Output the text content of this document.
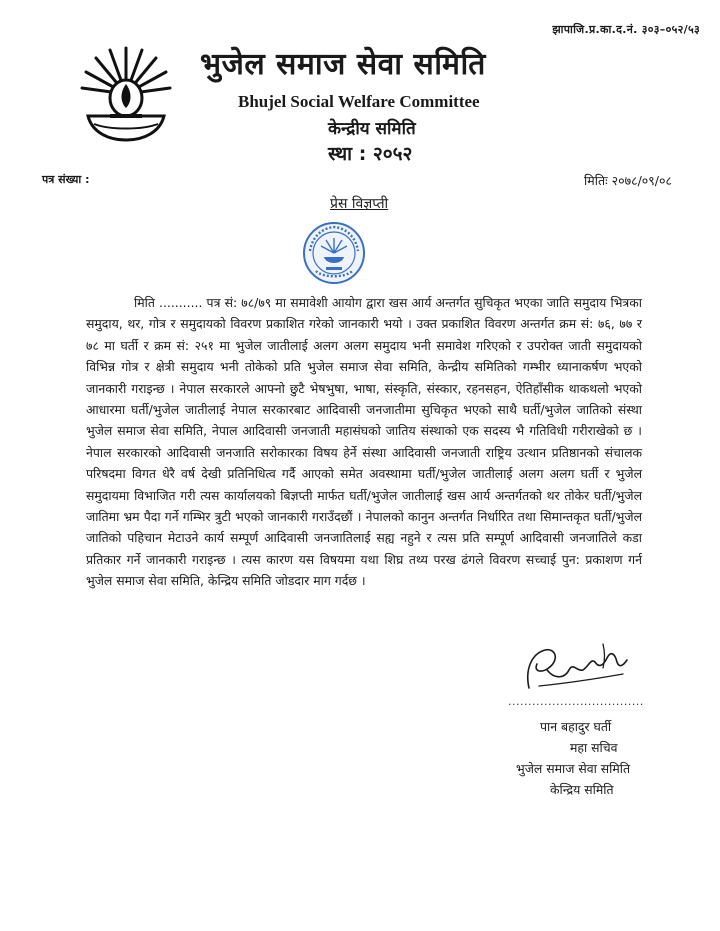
झापाजि.प्र.का.द.नं. ३०३–०५२/५३
भुजेल समाज सेवा समिति
Bhujel Social Welfare Committee
केन्द्रीय समिति
स्था : २०५२
पत्र संख्या :	मितिः २०७८/०९/०८
प्रेस विज्ञप्ती

मिति ........... पत्र सं: ७८/७९ मा समावेशी आयोग द्वारा खस आर्य अन्तर्गत सुचिकृत भएका जाति समुदाय भित्रका समुदाय, थर, गोत्र र समुदायको विवरण प्रकाशित गरेको जानकारी भयो । उक्त प्रकाशित विवरण अन्तर्गत क्रम सं: ७६, ७७ र ७८ मा घर्ती र क्रम सं: २५१ मा भुजेल जातीलाई अलग अलग समुदाय भनी समावेश गरिएको र उपरोक्त जाती समुदायको विभिन्न गोत्र र क्षेत्री समुदाय भनी तोकेको प्रति भुजेल समाज सेवा समिति, केन्द्रीय समितिको गम्भीर ध्यानाकर्षण भएको जानकारी गराइन्छ । नेपाल सरकारले आफ्नो छुटै भेषभुषा, भाषा, संस्कृति, संस्कार, रहनसहन, ऐतिहाँसीक थाकथलो भएको आधारमा घर्ती/भुजेल जातीलाई नेपाल सरकारबाट आदिवासी जनजातीमा सुचिकृत भएको साथै घर्ती/भुजेल जातिको संस्था भुजेल समाज सेवा समिति, नेपाल आदिवासी जनजाती महासंघको जातिय संस्थाको एक सदस्य भै गतिविधी गरीराखेको छ । नेपाल सरकारको आदिवासी जनजाति सरोकारका विषय हेर्ने संस्था आदिवासी जनजाती राष्ट्रिय उत्थान प्रतिष्ठानको संचालक परिषदमा विगत धेरै वर्ष देखी प्रतिनिधित्व गर्दै आएको समेत अवस्थामा घर्ती/भुजेल जातीलाई अलग अलग घर्ती र भुजेल समुदायमा विभाजित गरी त्यस कार्यालयको बिज्ञप्ती मार्फत घर्ती/भुजेल जातीलाई खस आर्य अन्तर्गतको थर तोकेर घर्ती/भुजेल जातिमा भ्रम पैदा गर्ने गम्भिर त्रुटी भएको जानकारी गराउँदछौं । नेपालको कानुन अन्तर्गत निर्धारित तथा सिमान्तकृत घर्ती/भुजेल जातिको पहिचान मेटाउने कार्य सम्पूर्ण आदिवासी जनजातिलाई सह्य नहुने र त्यस प्रति सम्पूर्ण आदिवासी जनजातिले कडा प्रतिकार गर्ने जानकारी गराइन्छ । त्यस कारण यस विषयमा यथा शिघ्र तथ्य परख ढंगले विवरण सच्चाई पुन: प्रकाशण गर्न भुजेल समाज सेवा समिति, केन्द्रिय समिति जोडदार माग गर्दछ ।

..................................
पान बहादुर घर्ती
महा सचिव
भुजेल समाज सेवा समिति
केन्द्रिय समिति
